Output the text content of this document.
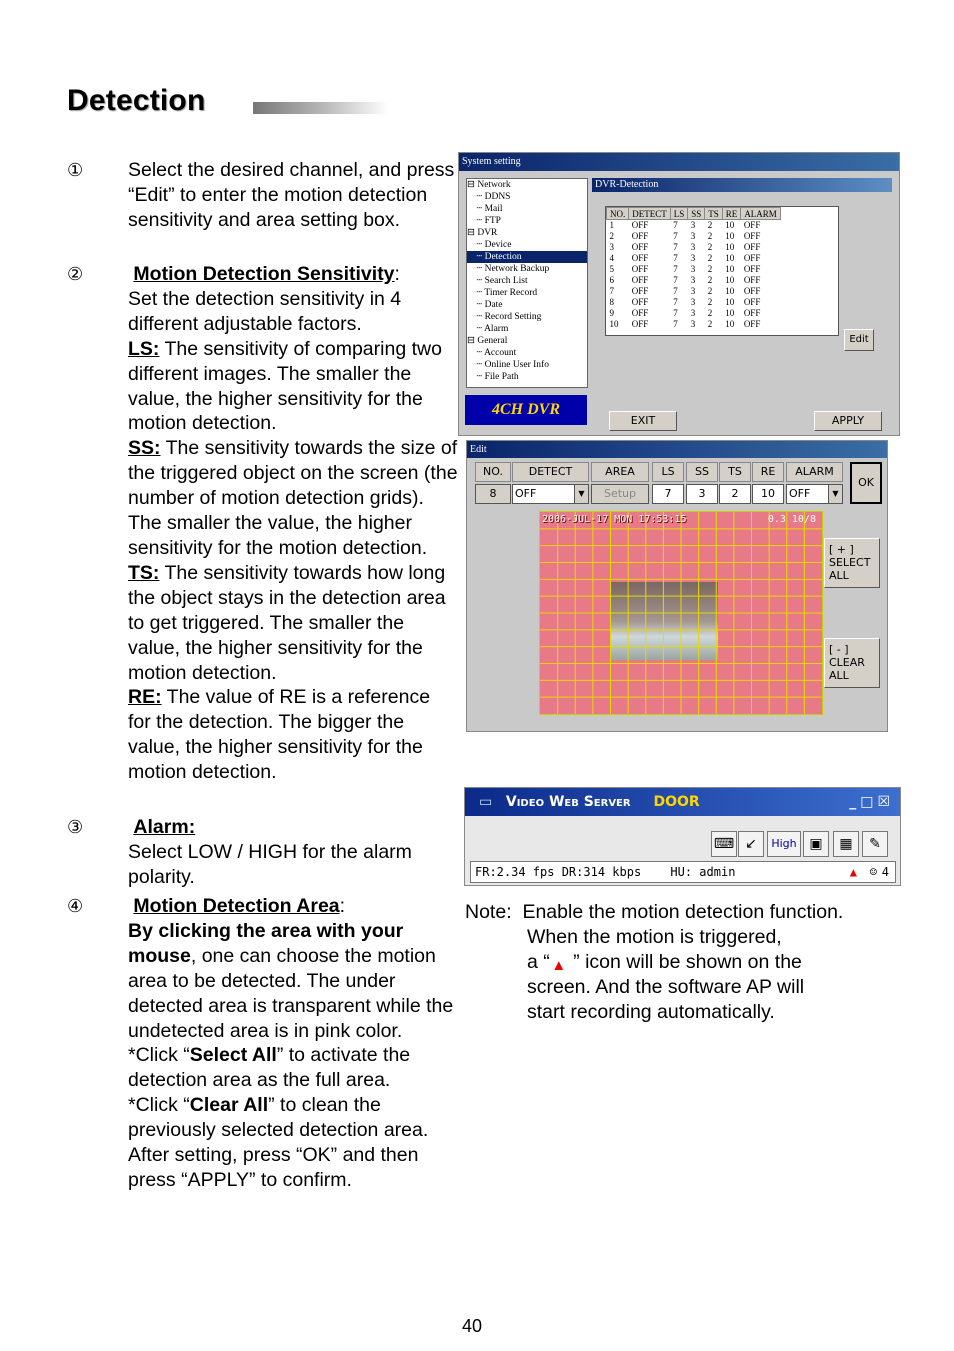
Detection
① Select the desired channel, and press “Edit” to enter the motion detection sensitivity and area setting box.

②	Motion Detection Sensitivity:

Set the detection sensitivity in 4 different adjustable factors.

LS: The sensitivity of comparing two different images. The smaller the value, the higher sensitivity for the motion detection.

SS: The sensitivity towards the size of the triggered object on the screen (the number of motion detection grids). The smaller the value, the higher sensitivity for the motion detection.

TS: The sensitivity towards how long the object stays in the detection area to get triggered. The smaller the value, the higher sensitivity for the motion detection.

RE: The value of RE is a reference for the detection. The bigger the value, the higher sensitivity for the motion detection.

③	Alarm:

Select LOW / HIGH for the alarm polarity.

④	Motion Detection Area:

By clicking the area with your mouse, one can choose the motion area to be detected. The under detected area is transparent while the undetected area is in pink color.

*Click “Select All” to activate the detection area as the full area.

*Click “Clear All” to clean the previously selected detection area.

After setting, press “OK” and then press “APPLY” to confirm.

System setting
⊟ Network
┄ DDNS
┄ Mail
┄ FTP
⊟ DVR
┄ Device
┄ Detection
┄ Network Backup
┄ Search List
┄ Timer Record
┄ Date
┄ Record Setting
┄ Alarm
⊟ General
┄ Account
┄ Online User Info
┄ File Path
DVR-Detection
NO.	DETECT	LS	SS	TS	RE	ALARM
1	OFF	7	3	2	10	OFF
2	OFF	7	3	2	10	OFF
3	OFF	7	3	2	10	OFF
4	OFF	7	3	2	10	OFF
5	OFF	7	3	2	10	OFF
6	OFF	7	3	2	10	OFF
7	OFF	7	3	2	10	OFF
8	OFF	7	3	2	10	OFF
9	OFF	7	3	2	10	OFF
10	OFF	7	3	2	10	OFF
Edit
4CH DVR
EXIT	APPLY
Edit
NO.	DETECT	AREA	LS	SS	TS	RE	ALARM
8	OFF	▼	Setup	7	3	2	10	OFF	▼
OK
2006-JUL-17 MON 17:53:15	0.3 10/8
[ + ]
SELECT
ALL
[ - ]
CLEAR
ALL
▭ Video Web Server DOOR	_□☒
⌨ ↙	High ▣	▦	✎
FR:2.34 fps DR:314 kbps HU: admin	▲ ☺ 4
Note: Enable the motion detection function.
When the motion is triggered,
a “ ▲ ” icon will be shown on the
screen. And the software AP will
start recording automatically.
40
